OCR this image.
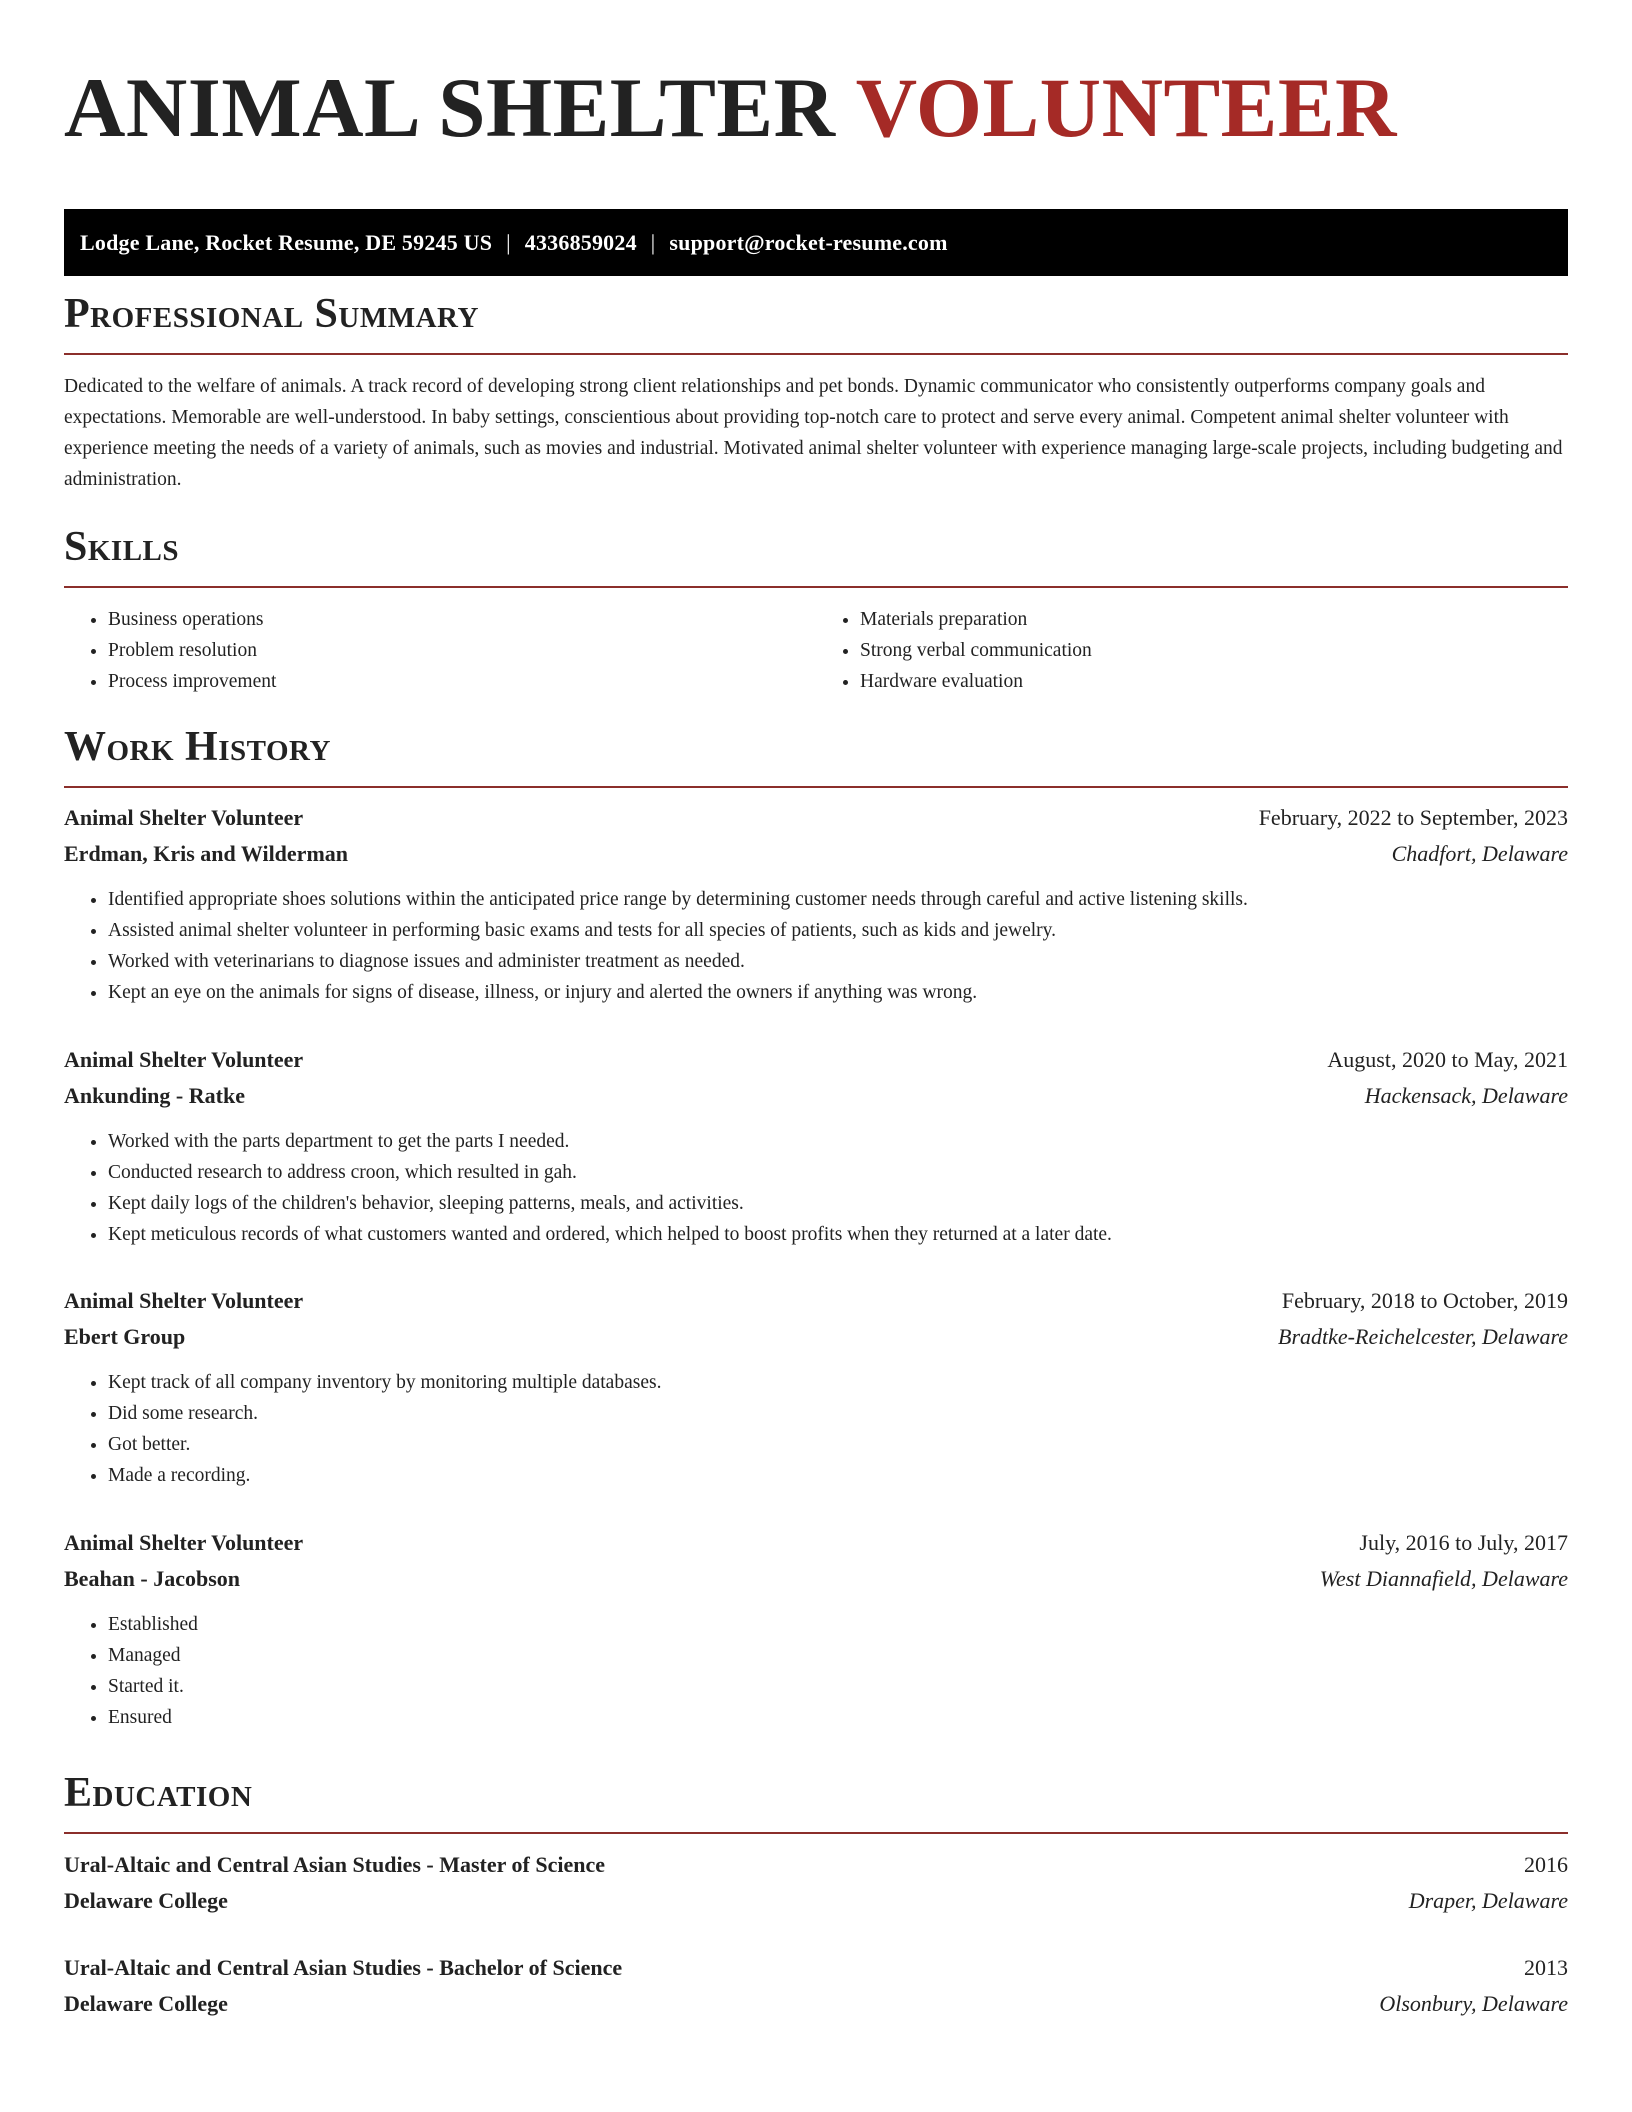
ANIMAL SHELTER VOLUNTEER
Lodge Lane, Rocket Resume, DE 59245 US | 4336859024 | support@rocket-resume.com
Professional Summary

Dedicated to the welfare of animals. A track record of developing strong client relationships and pet bonds. Dynamic communicator who consistently outperforms company goals and expectations. Memorable are well-understood. In baby settings, conscientious about providing top-notch care to protect and serve every animal. Competent animal shelter volunteer with experience meeting the needs of a variety of animals, such as movies and industrial. Motivated animal shelter volunteer with experience managing large-scale projects, including budgeting and administration.

Skills
• Business operations
• Problem resolution
• Process improvement
• Materials preparation
• Strong verbal communication
• Hardware evaluation
Work History
Animal Shelter Volunteer	February, 2022 to September, 2023
Erdman, Kris and Wilderman	Chadfort, Delaware
• Identified appropriate shoes solutions within the anticipated price range by determining customer needs through careful and active listening skills.
• Assisted animal shelter volunteer in performing basic exams and tests for all species of patients, such as kids and jewelry.
• Worked with veterinarians to diagnose issues and administer treatment as needed.
• Kept an eye on the animals for signs of disease, illness, or injury and alerted the owners if anything was wrong.
Animal Shelter Volunteer	August, 2020 to May, 2021
Ankunding - Ratke	Hackensack, Delaware
• Worked with the parts department to get the parts I needed.
• Conducted research to address croon, which resulted in gah.
• Kept daily logs of the children's behavior, sleeping patterns, meals, and activities.
• Kept meticulous records of what customers wanted and ordered, which helped to boost profits when they returned at a later date.
Animal Shelter Volunteer	February, 2018 to October, 2019
Ebert Group	Bradtke-Reichelcester, Delaware
• Kept track of all company inventory by monitoring multiple databases.
• Did some research.
• Got better.
• Made a recording.
Animal Shelter Volunteer	July, 2016 to July, 2017
Beahan - Jacobson	West Diannafield, Delaware
• Established
• Managed
• Started it.
• Ensured
Education
Ural-Altaic and Central Asian Studies - Master of Science	2016
Delaware College	Draper, Delaware
Ural-Altaic and Central Asian Studies - Bachelor of Science	2013
Delaware College	Olsonbury, Delaware
